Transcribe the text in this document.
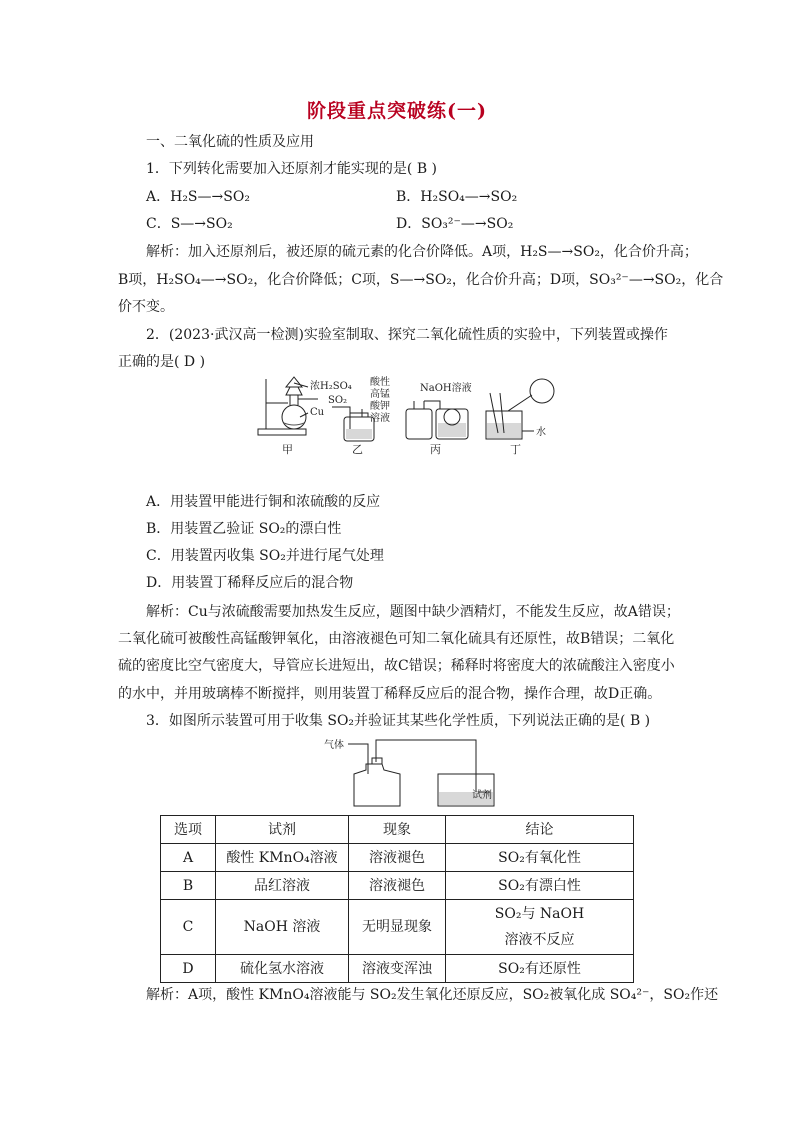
阶段重点突破练(一)
一、二氧化硫的性质及应用
1．下列转化需要加入还原剂才能实现的是( B )
A．H₂S—→SO₂	B．H₂SO₄—→SO₂
C．S—→SO₂	D．SO₃²⁻—→SO₂
解析：加入还原剂后，被还原的硫元素的化合价降低。A项，H₂S—→SO₂，化合价升高；
B项，H₂SO₄—→SO₂，化合价降低；C项，S—→SO₂，化合价升高；D项，SO₃²⁻—→SO₂，化合
价不变。
2．(2023·武汉高一检测)实验室制取、探究二氧化硫性质的实验中，下列装置或操作
正确的是( D )
浓H₂SO₄
Cu
甲
SO₂
酸性
高锰
酸钾
溶液
乙
NaOH溶液
丙
水
丁
A．用装置甲能进行铜和浓硫酸的反应
B．用装置乙验证 SO₂的漂白性
C．用装置丙收集 SO₂并进行尾气处理
D．用装置丁稀释反应后的混合物
解析：Cu与浓硫酸需要加热发生反应，题图中缺少酒精灯，不能发生反应，故A错误；
二氧化硫可被酸性高锰酸钾氧化，由溶液褪色可知二氧化硫具有还原性，故B错误；二氧化
硫的密度比空气密度大，导管应长进短出，故C错误；稀释时将密度大的浓硫酸注入密度小
的水中，并用玻璃棒不断搅拌，则用装置丁稀释反应后的混合物，操作合理，故D正确。
3．如图所示装置可用于收集 SO₂并验证其某些化学性质，下列说法正确的是( B )
气体
试剂
选项	试剂	现象	结论
A	酸性 KMnO₄溶液	溶液褪色	SO₂有氧化性
B	品红溶液	溶液褪色	SO₂有漂白性
C	NaOH 溶液	无明显现象	SO₂与 NaOH
溶液不反应

D	硫化氢水溶液	溶液变浑浊	SO₂有还原性
解析：A项，酸性 KMnO₄溶液能与 SO₂发生氧化还原反应，SO₂被氧化成 SO₄²⁻，SO₂作还
